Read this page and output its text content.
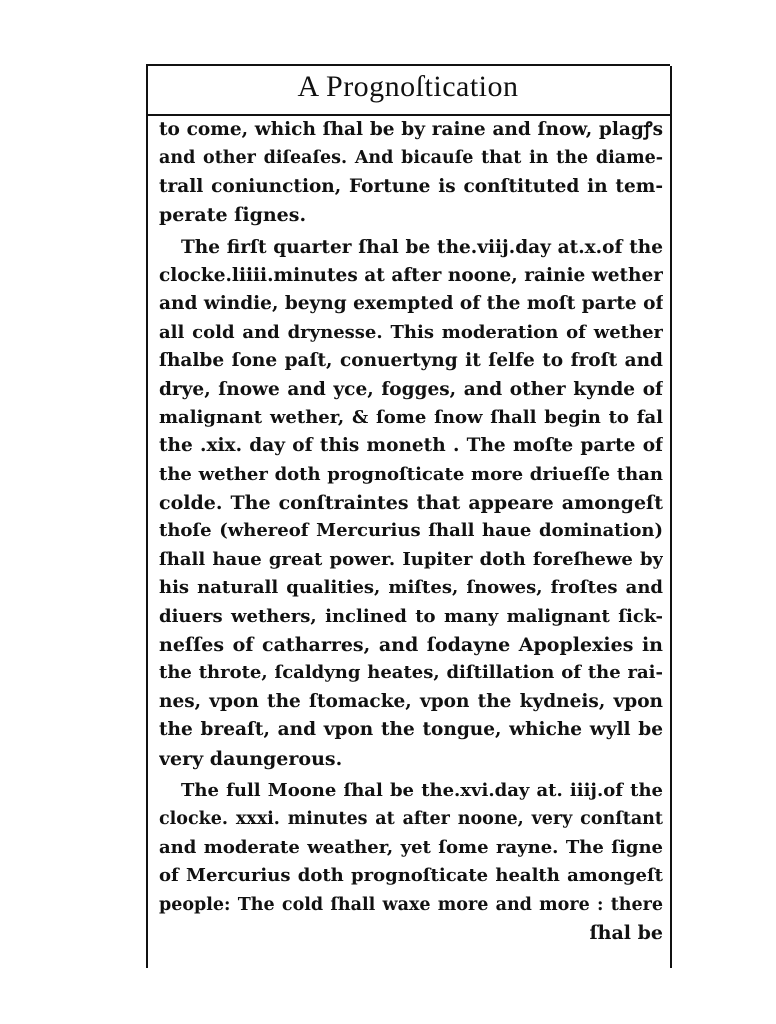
A Prognoſtication
to come, which ſhal be by raine and ſnow, plagꝭs
and other diſeaſes. And bicauſe that in the diame-
trall coniunction, Fortune is conſtituted in tem-
perate ſignes.
The firſt quarter ſhal be the.viij.day at.x.of the
clocke.liiii.minutes at after noone, rainie wether
and windie, beyng exempted of the moſt parte of
all cold and drynesse. This moderation of wether
ſhalbe ſone paſt, conuertyng it ſelfe to froſt and
drye, ſnowe and yce, fogges, and other kynde of
malignant wether, & ſome ſnow ſhall begin to fal
the .xix. day of this moneth . The moſte parte of
the wether doth prognoſticate more driueſſe than
colde. The conſtraintes that appeare amongeſt
thoſe (whereof Mercurius ſhall haue domination)
ſhall haue great power. Iupiter doth foreſhewe by
his naturall qualities, miſtes, ſnowes, froſtes and
diuers wethers, inclined to many malignant ſick-
neſſes of catharres, and ſodayne Apoplexies in
the throte, ſcaldyng heates, diſtillation of the rai-
nes, vpon the ſtomacke, vpon the kydneis, vpon
the breaſt, and vpon the tongue, whiche wyll be
very daungerous.
The full Moone ſhal be the.xvi.day at. iiij.of the
clocke. xxxi. minutes at after noone, very conſtant
and moderate weather, yet ſome rayne. The ſigne
of Mercurius doth prognoſticate health amongeſt
people: The cold ſhall waxe more and more : there
ſhal be
